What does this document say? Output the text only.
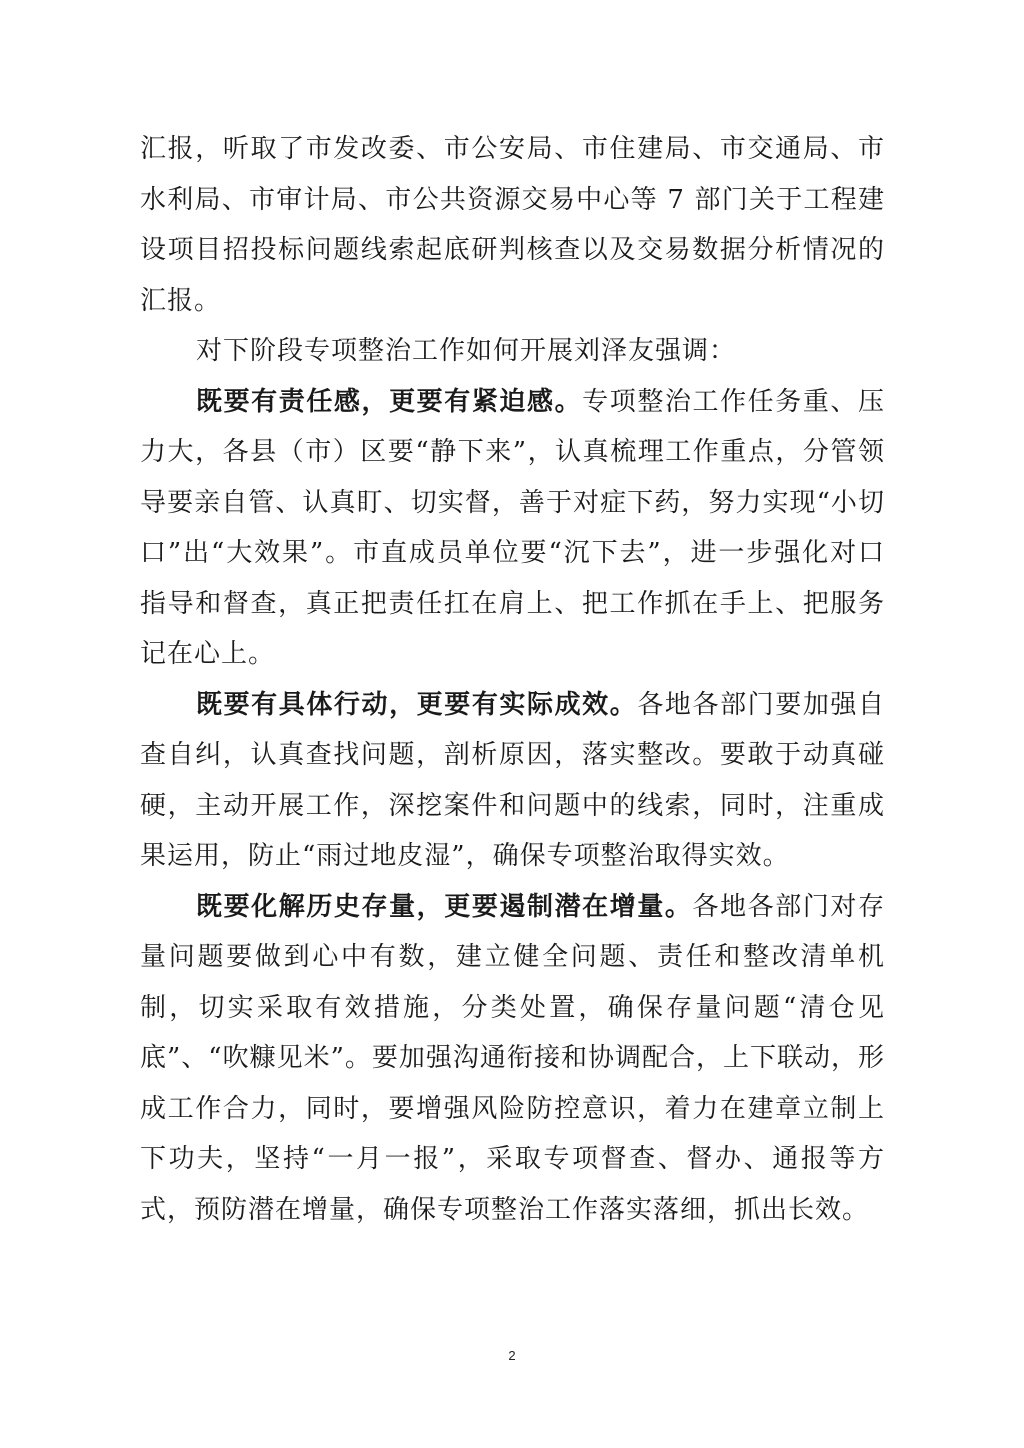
汇报，听取了市发改委、市公安局、市住建局、市交通局、市水利局、市审计局、市公共资源交易中心等 7 部门关于工程建设项目招投标问题线索起底研判核查以及交易数据分析情况的汇报。

对下阶段专项整治工作如何开展刘泽友强调：

既要有责任感，更要有紧迫感。专项整治工作任务重、压力大，各县（市）区要“静下来”，认真梳理工作重点，分管领导要亲自管、认真盯、切实督，善于对症下药，努力实现“小切口”出“大效果”。市直成员单位要“沉下去”，进一步强化对口指导和督查，真正把责任扛在肩上、把工作抓在手上、把服务记在心上。

既要有具体行动，更要有实际成效。各地各部门要加强自查自纠，认真查找问题，剖析原因，落实整改。要敢于动真碰硬，主动开展工作，深挖案件和问题中的线索，同时，注重成果运用，防止“雨过地皮湿”，确保专项整治取得实效。

既要化解历史存量，更要遏制潜在增量。各地各部门对存量问题要做到心中有数，建立健全问题、责任和整改清单机制，切实采取有效措施，分类处置，确保存量问题“清仓见底”、“吹糠见米”。要加强沟通衔接和协调配合，上下联动，形成工作合力，同时，要增强风险防控意识，着力在建章立制上下功夫，坚持“一月一报”，采取专项督查、督办、通报等方式，预防潜在增量，确保专项整治工作落实落细，抓出长效。

2
